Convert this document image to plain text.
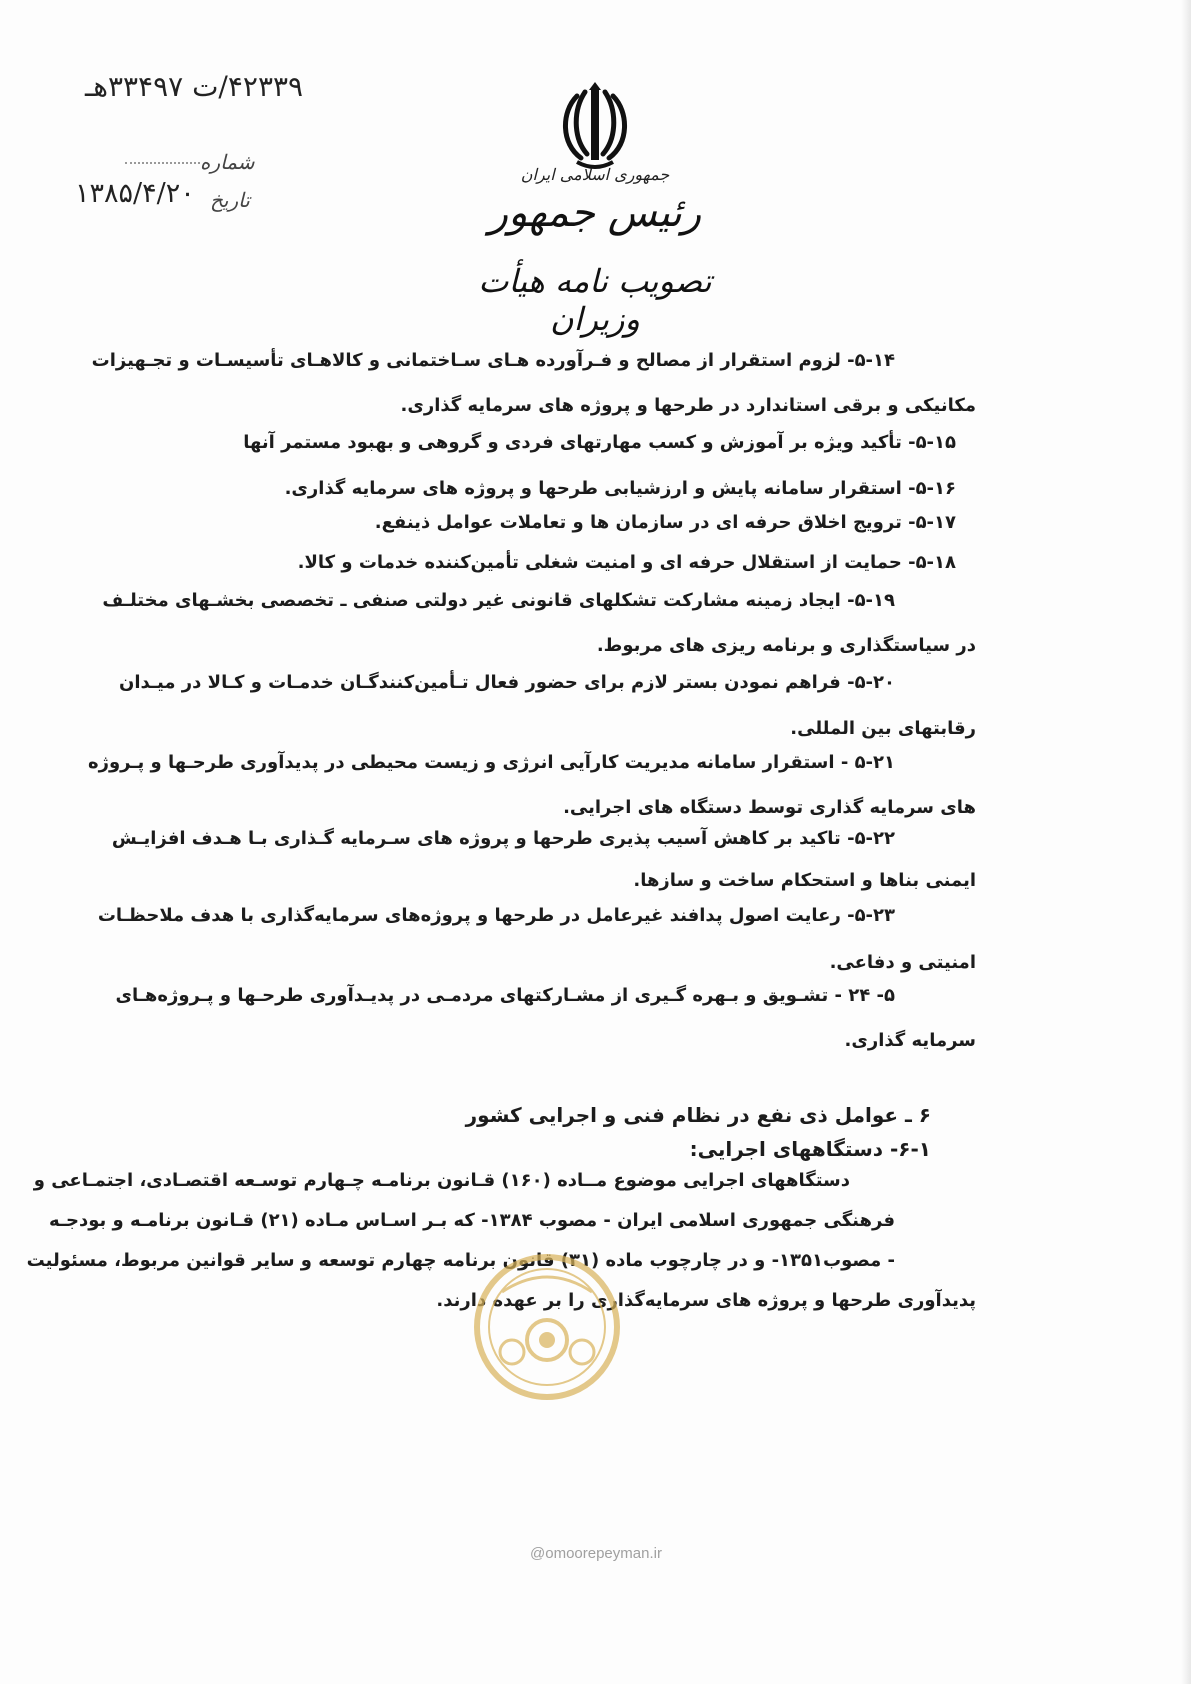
۴۲۳۳۹/ت ۳۳۴۹۷هـ
شماره
تاریخ
۱۳۸۵/۴/۲۰
جمهوری اسلامی ایران
رئیس جمهور
تصویب نامه هیأت وزیران
۵-۱۴- لزوم استقرار از مصالح و فـرآورده هـای سـاختمانی و کالاهـای تأسیسـات و تجـهیزات
مکانیکی و برقی استاندارد در طرحها و پروژه های سرمایه گذاری.
۵-۱۵- تأکید ویژه بر آموزش و کسب مهارتهای فردی و گروهی و بهبود مستمر آنها
۵-۱۶- استقرار سامانه پایش و ارزشیابی طرحها و پروژه های سرمایه گذاری.
۵-۱۷- ترویج اخلاق حرفه ای در سازمان ها و تعاملات عوامل ذینفع.
۵-۱۸- حمایت از استقلال حرفه ای و امنیت شغلی تأمین‌کننده خدمات و کالا.
۵-۱۹- ایجاد زمینه مشارکت تشکلهای قانونی غیر دولتی صنفی ـ تخصصی بخشـهای مختلـف
در سیاستگذاری و برنامه ریزی های مربوط.
۵-۲۰- فراهم نمودن بستر لازم برای حضور فعال تـأمین‌کنندگـان خدمـات و کـالا در میـدان
رقابتهای بین المللی.
۵-۲۱ - استقرار سامانه مدیریت کارآیی انرژی و زیست محیطی در پدیدآوری طرحـها و پـروژه
های سرمایه گذاری توسط دستگاه های اجرایی.
۵-۲۲- تاکید بر کاهش آسیب پذیری طرحها و پروژه های سـرمایه گـذاری بـا هـدف افزایـش
ایمنی بناها و استحکام ساخت و سازها.
۵-۲۳- رعایت اصول پدافند غیرعامل در طرحها و پروژه‌های سرمایه‌گذاری با هدف ملاحظـات
امنیتی و دفاعی.
۵- ۲۴ - تشـویق و بـهره گـیری از مشـارکتهای مردمـی در پدیـدآوری طرحـها و پـروژه‌هـای
سرمایه گذاری.
۶ ـ عوامل ذی نفع در نظام فنی و اجرایی کشور
۶-۱- دستگاههای اجرایی:
دستگاههای اجرایی موضوع مــاده (۱۶۰) قـانون برنامـه چـهارم توسـعه اقتصـادی، اجتمـاعی و
فرهنگی جمهوری اسلامی ایران - مصوب ۱۳۸۴- که بـر اسـاس مـاده (۲۱) قـانون برنامـه و بودجـه
- مصوب۱۳۵۱- و در چارچوب ماده (۳۱) قانون برنامه چهارم توسعه و سایر قوانین مربوط، مسئولیت
پدیدآوری طرحها و پروژه های سرمایه‌گذاری را بر عهده دارند.
@omoorepeyman.ir
